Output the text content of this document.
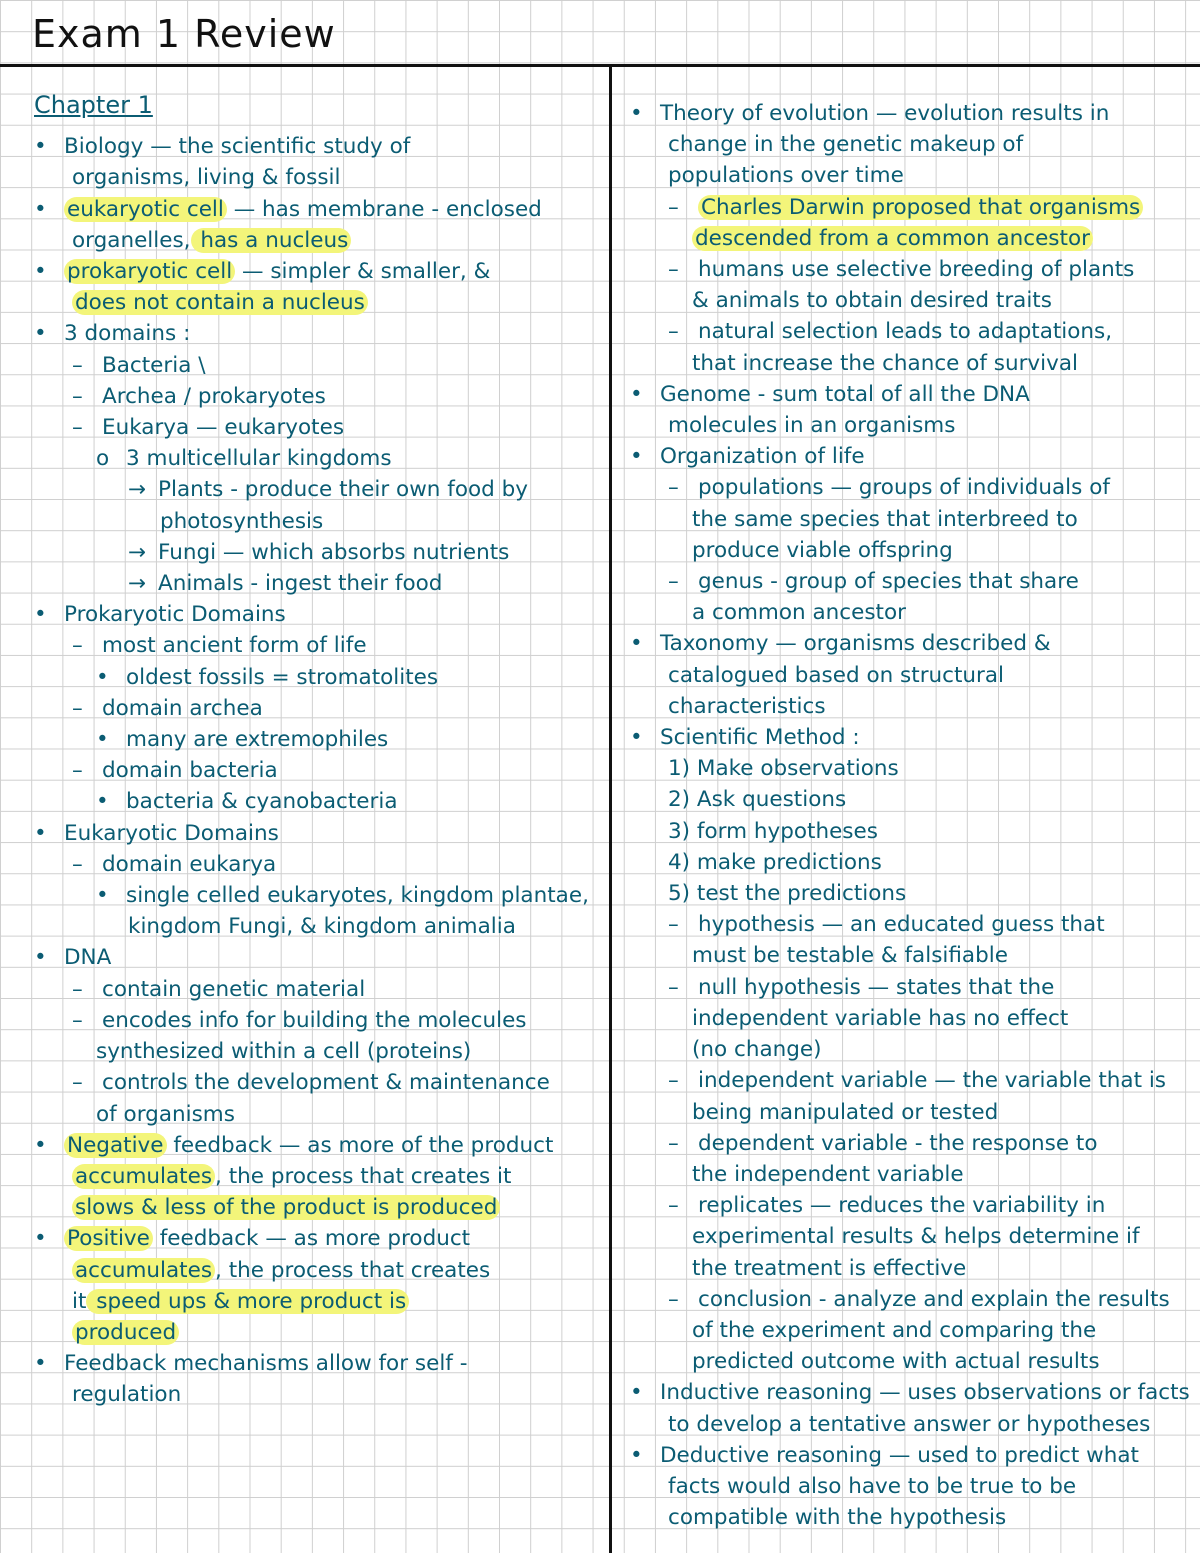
Exam 1 Review
Chapter 1
• Biology — the scientific study of
organisms, living & fossil
• eukaryotic cell — has membrane - enclosed
organelles, has a nucleus
• prokaryotic cell — simpler & smaller, &
does not contain a nucleus
• 3 domains :
– Bacteria \
– Archea / prokaryotes
– Eukarya — eukaryotes
o 3 multicellular kingdoms
→ Plants - produce their own food by
photosynthesis
→ Fungi — which absorbs nutrients
→ Animals - ingest their food
• Prokaryotic Domains
– most ancient form of life
• oldest fossils = stromatolites
– domain archea
• many are extremophiles
– domain bacteria
• bacteria & cyanobacteria
• Eukaryotic Domains
– domain eukarya
• single celled eukaryotes, kingdom plantae,
kingdom Fungi, & kingdom animalia
• DNA
– contain genetic material
– encodes info for building the molecules
synthesized within a cell (proteins)
– controls the development & maintenance
of organisms
• Negative feedback — as more of the product
accumulates , the process that creates it
slows & less of the product is produced
• Positive feedback — as more product
accumulates , the process that creates
it speed ups & more product is
produced
• Feedback mechanisms allow for self -
regulation
• Theory of evolution — evolution results in
change in the genetic makeup of
populations over time
– Charles Darwin proposed that organisms
descended from a common ancestor
– humans use selective breeding of plants
& animals to obtain desired traits
– natural selection leads to adaptations,
that increase the chance of survival
• Genome - sum total of all the DNA
molecules in an organisms
• Organization of life
– populations — groups of individuals of
the same species that interbreed to
produce viable offspring
– genus - group of species that share
a common ancestor
• Taxonomy — organisms described &
catalogued based on structural
characteristics
• Scientific Method :
1) Make observations
2) Ask questions
3) form hypotheses
4) make predictions
5) test the predictions
– hypothesis — an educated guess that
must be testable & falsifiable
– null hypothesis — states that the
independent variable has no effect
(no change)
– independent variable — the variable that is
being manipulated or tested
– dependent variable - the response to
the independent variable
– replicates — reduces the variability in
experimental results & helps determine if
the treatment is effective
– conclusion - analyze and explain the results
of the experiment and comparing the
predicted outcome with actual results
• Inductive reasoning — uses observations or facts
to develop a tentative answer or hypotheses
• Deductive reasoning — used to predict what
facts would also have to be true to be
compatible with the hypothesis
